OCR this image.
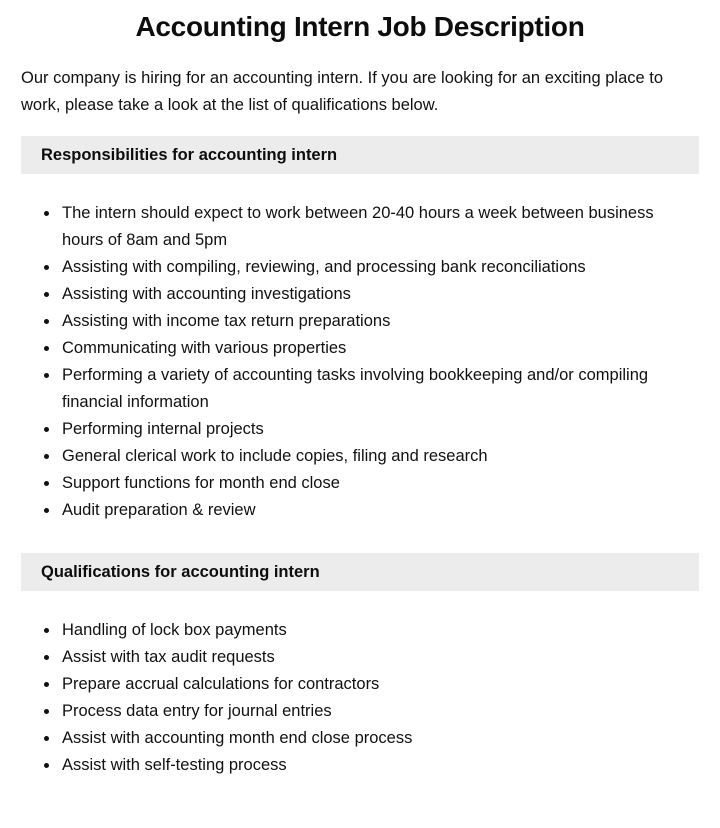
Accounting Intern Job Description

Our company is hiring for an accounting intern. If you are looking for an exciting place to work, please take a look at the list of qualifications below.

Responsibilities for accounting intern
• The intern should expect to work between 20-40 hours a week between business hours of 8am and 5pm
• Assisting with compiling, reviewing, and processing bank reconciliations
• Assisting with accounting investigations
• Assisting with income tax return preparations
• Communicating with various properties
• Performing a variety of accounting tasks involving bookkeeping and/or compiling financial information
• Performing internal projects
• General clerical work to include copies, filing and research
• Support functions for month end close
• Audit preparation & review
Qualifications for accounting intern
• Handling of lock box payments
• Assist with tax audit requests
• Prepare accrual calculations for contractors
• Process data entry for journal entries
• Assist with accounting month end close process
• Assist with self-testing process
